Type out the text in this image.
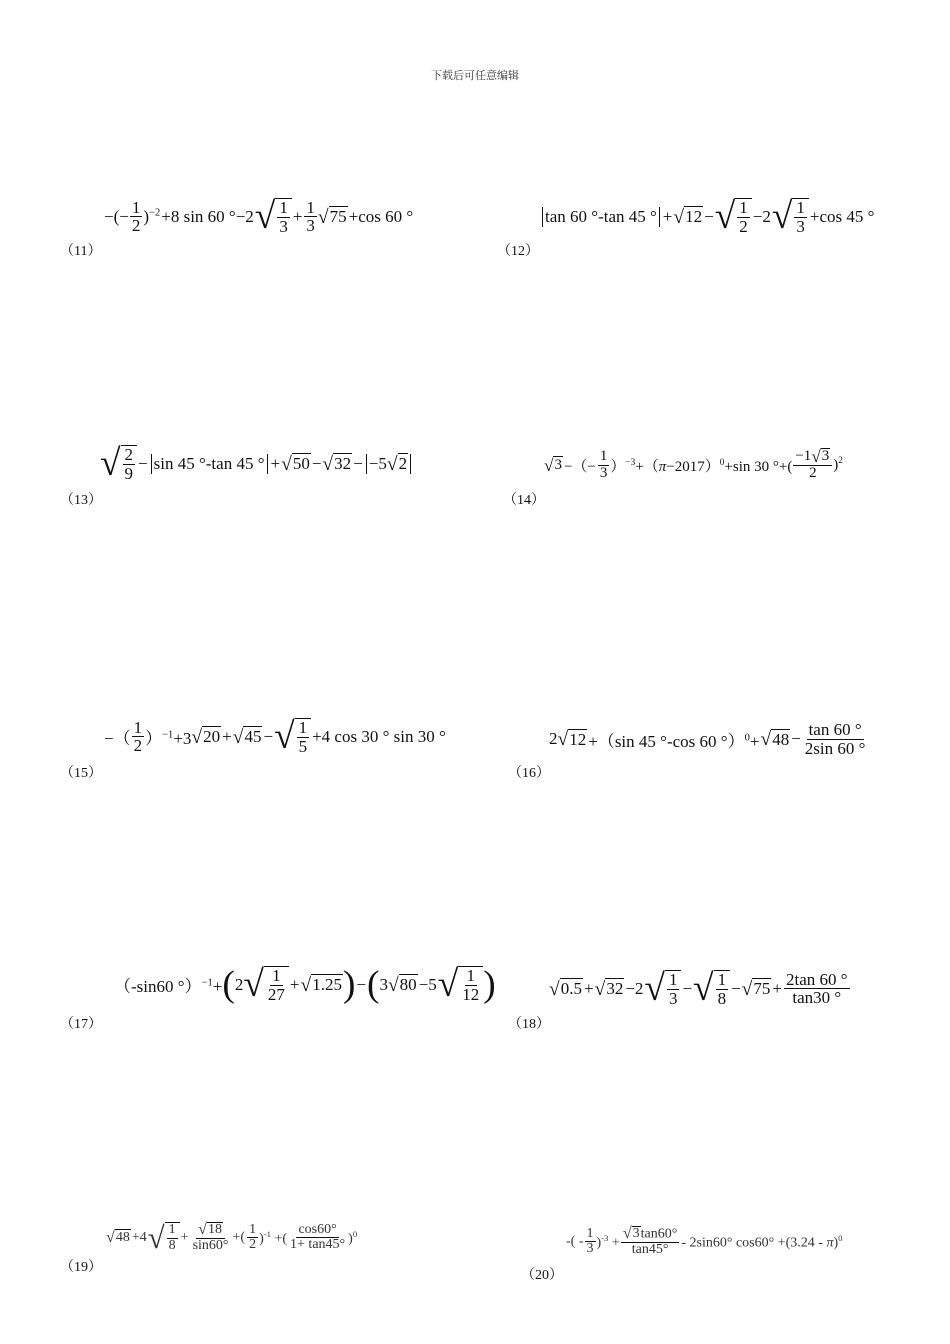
下载后可任意编辑
（11）
−(− $\frac{1}{2} )^{-2} +8$ sin 60 °−2 √ 1
3
+ $\frac{1}{3}$ √ 75 +cos 60 °
（12）
tan 60 °-tan 45 ° + √ 12 − √ 1
2
−2 √ 1
3
+cos 45 °
（13）
√ 2
9
− sin 45 °-tan 45 ° + √ 50 − √ 32 − −5 √ 2
（14）
√ 3 −（− $\frac{1}{3} )^{-3}+(\pi-2017)^0+\sin$ 30 °+(
−1 √ 3
2
)$^2$
（15）
−（
1
2 ）$^{-1}$+3 √ 20 + √ 45 − √ 1
5
+4 cos 30 ° sin 30 °
（16）
2 √ 12 +（sin 45 °-cos 60 °）$^0$+ √ $48 - \frac{\tan 60 ^\circ}{2\sin 60 ^\circ}$
（17）
（-sin60 °）$^{-1}$+ ( 2 √ 1
27
+ √ 1.25 ) − ( 3 √ 80 −5 √ 1
12 )
（18）
√ 0.5 + √ 32 −2 √ 1
3
− √ 1
8
− √ $75 + \frac{2\tan 60 ^\circ}{\tan 30 ^\circ}$
（19）
√ 48 +4 √ 1
8
+ $\frac{√ 18}{\sin 60^\circ}$ +(
1
2 )$^{-1}$ +(
cos60°
1+ tan45° )$^0$
（20）
-( -
1
3 )$^{-3} + \frac{√ 3 \tan 60^\circ}{\tan 45^\circ} - 2\sin 60^\circ$ cos60° +(3.24 - π)$^0$
